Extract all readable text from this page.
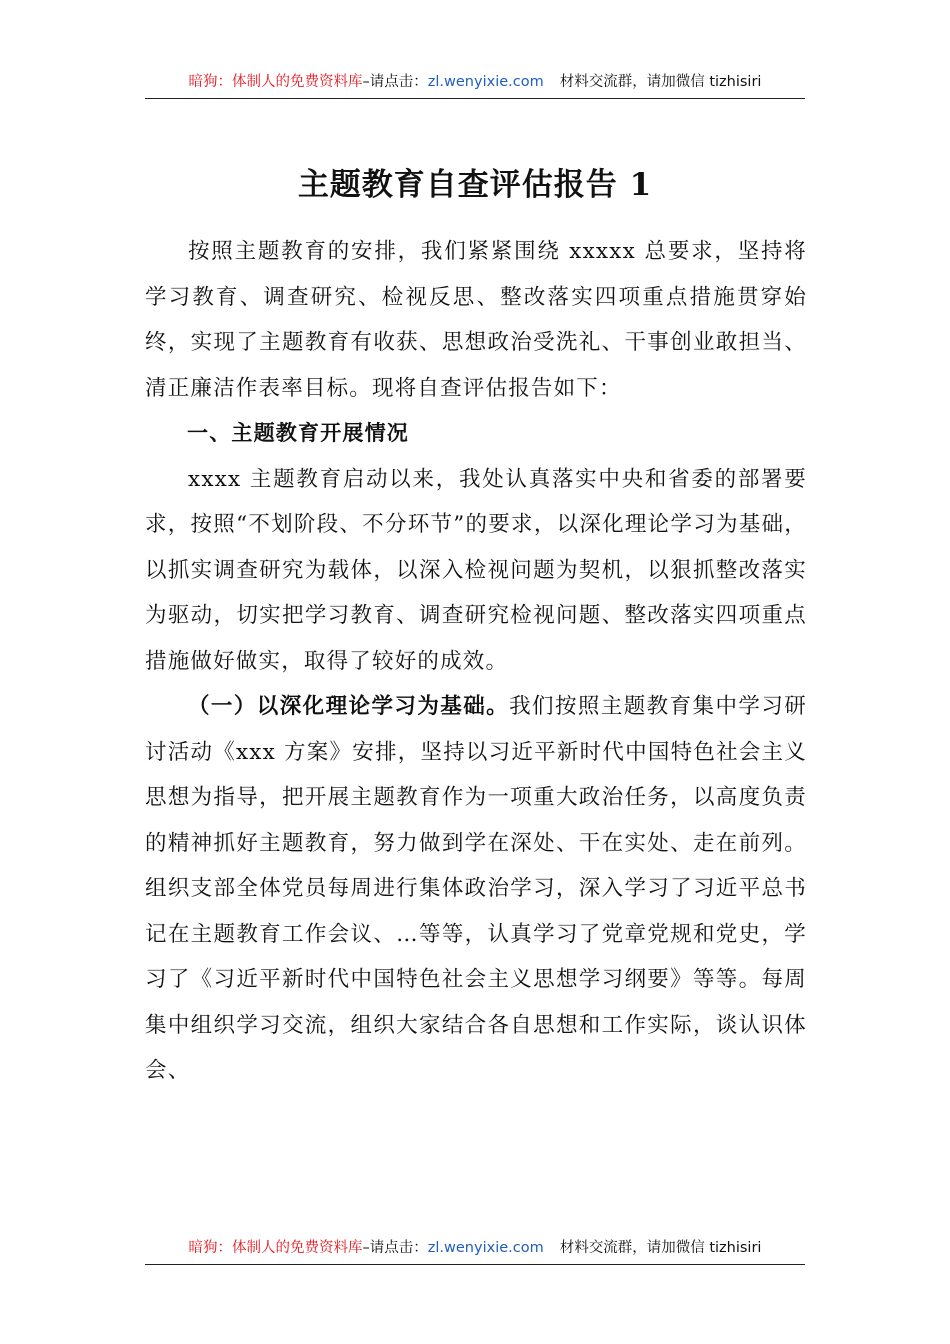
暗狗：体制人的免费资料库–请点击：zl.wenyixie.com 材料交流群，请加微信 tizhisiri
主题教育自查评估报告 1

按照主题教育的安排，我们紧紧围绕 xxxxx 总要求，坚持将学习教育、调查研究、检视反思、整改落实四项重点措施贯穿始终，实现了主题教育有收获、思想政治受洗礼、干事创业敢担当、清正廉洁作表率目标。现将自查评估报告如下：

一、主题教育开展情况

xxxx 主题教育启动以来，我处认真落实中央和省委的部署要求，按照“不划阶段、不分环节”的要求，以深化理论学习为基础，以抓实调查研究为载体，以深入检视问题为契机，以狠抓整改落实为驱动，切实把学习教育、调查研究检视问题、整改落实四项重点措施做好做实，取得了较好的成效。

（一）以深化理论学习为基础。我们按照主题教育集中学习研讨活动《xxx 方案》安排，坚持以习近平新时代中国特色社会主义思想为指导，把开展主题教育作为一项重大政治任务，以高度负责的精神抓好主题教育，努力做到学在深处、干在实处、走在前列。组织支部全体党员每周进行集体政治学习，深入学习了习近平总书记在主题教育工作会议、…等等，认真学习了党章党规和党史，学习了《习近平新时代中国特色社会主义思想学习纲要》等等。每周集中组织学习交流，组织大家结合各自思想和工作实际，谈认识体会、

暗狗：体制人的免费资料库–请点击：zl.wenyixie.com 材料交流群，请加微信 tizhisiri
